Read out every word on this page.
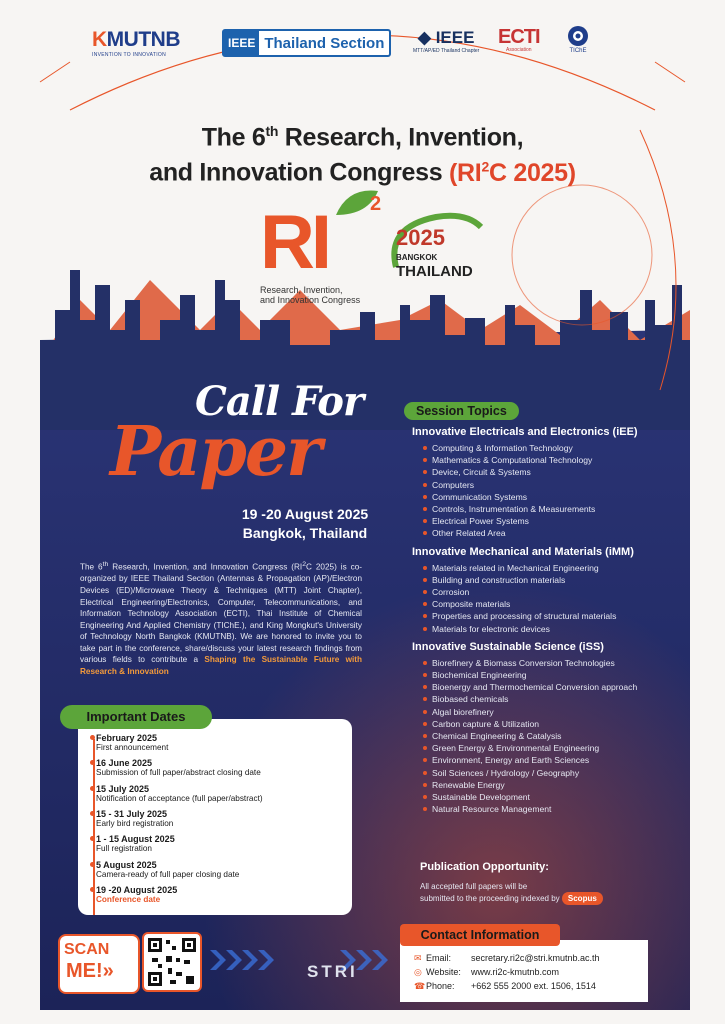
KMUTNB
INVENTION TO INNOVATION
IEEE Thailand Section ◆ IEEE
MTT/AP/ED Thailand Chapter
ECTI
Association	TIChE
The 6th Research, Invention,
and Innovation Congress ($RI^2C$ 2025)
RI 2
2025
BANGKOK
THAILAND
Research, Invention,
and Innovation Congress
Call For
Paper
19 -20 August 2025
Bangkok, Thailand
The 6th Research, Invention, and Innovation Congress ($RI^2C$ 2025) is co-organized by IEEE Thailand Section (Antennas & Propagation (AP)/Electron Devices (ED)/Microwave Theory & Techniques (MTT) Joint Chapter), Electrical Engineering/Electronics, Computer, Telecommunications, and Information Technology Association (ECTI), Thai Institute of Chemical Engineering And Applied Chemistry (TIChE.), and King Mongkut's University of Technology North Bangkok (KMUTNB). We are honored to invite you to take part in the conference, share/discuss your latest research findings from various fields to contribute a Shaping the Sustainable Future with Research & Innovation
Important Dates
February 2025
First announcement
16 June 2025
Submission of full paper/abstract closing date
15 July 2025
Notification of acceptance (full paper/abstract)
15 - 31 July 2025
Early bird registration
1 - 15 August 2025
Full registration
5 August 2025
Camera-ready of full paper closing date
19 -20 August 2025
Conference date
Session Topics
Innovative Electricals and Electronics (iEE)
Computing & Information Technology
Mathematics & Computational Technology
Device, Circuit & Systems
Computers
Communication Systems
Controls, Instrumentation & Measurements
Electrical Power Systems
Other Related Area
Innovative Mechanical and Materials (iMM)
Materials related in Mechanical Engineering
Building and construction materials
Corrosion
Composite materials
Properties and processing of structural materials
Materials for electronic devices
Innovative Sustainable Science (iSS)
Biorefinery & Biomass Conversion Technologies
Biochemical Engineering
Bioenergy and Thermochemical Conversion approach
Biobased chemicals
Algal biorefinery
Carbon capture & Utilization
Chemical Engineering & Catalysis
Green Energy & Environmental Engineering
Environment, Energy and Earth Sciences
Soil Sciences / Hydrology / Geography
Renewable Energy
Sustainable Development
Natural Resource Management
Publication Opportunity:
All accepted full papers will be
submitted to the proceeding indexed by Scopus
SCAN
ME!»	STRI
Contact Information
✉ Email: secretary.ri2c@stri.kmutnb.ac.th
◎ Website: www.ri2c-kmutnb.com
☎Phone: +662 555 2000 ext. 1506, 1514
